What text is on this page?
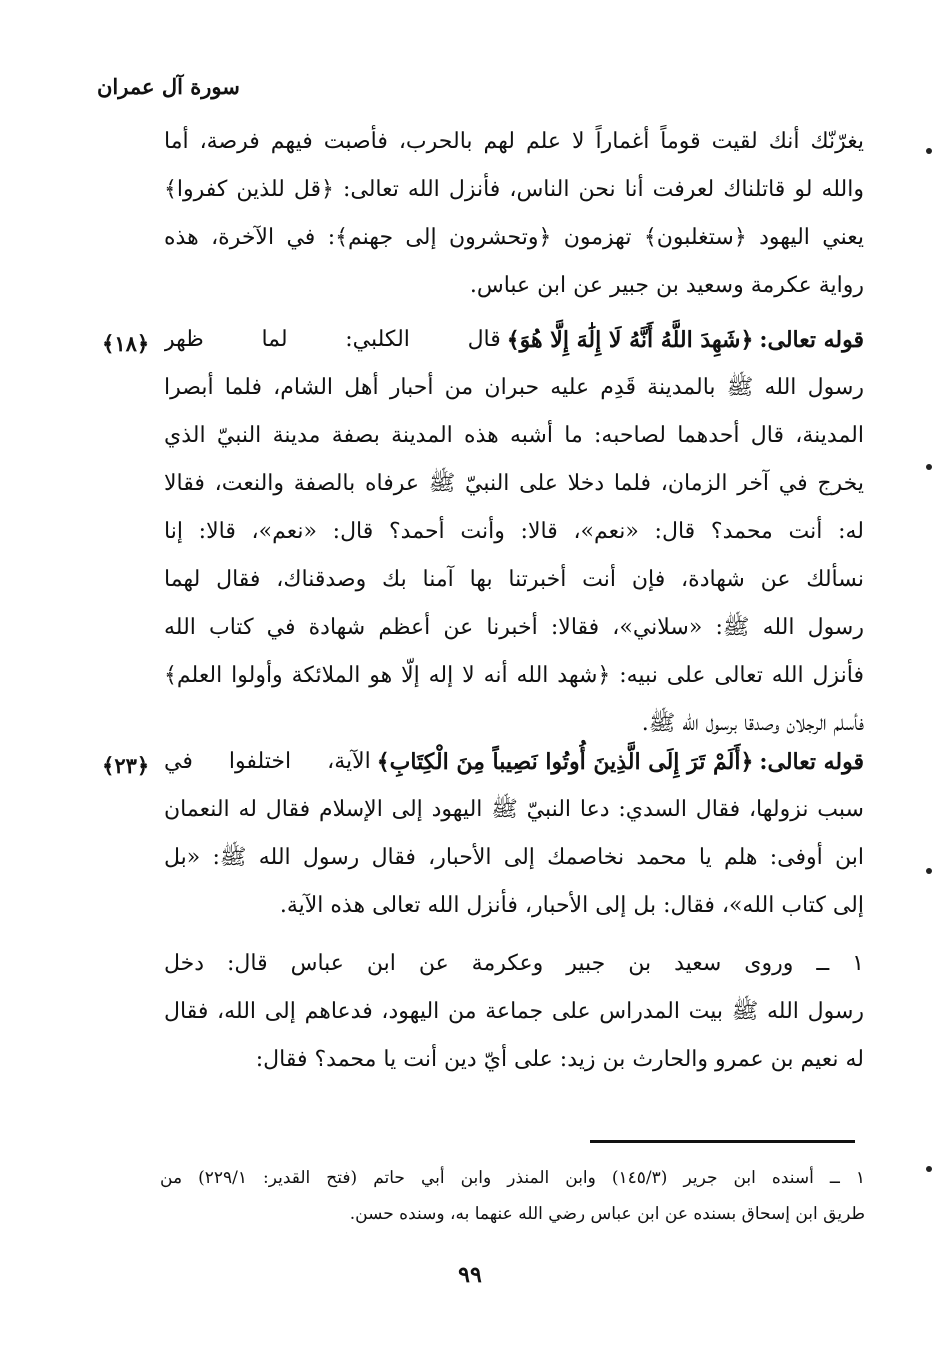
سورة آل عمران
يغرّنّك أنك لقيت قوماً أغماراً لا علم لهم بالحرب، فأصبت فيهم فرصة، أما
والله لو قاتلناك لعرفت أنا نحن الناس، فأنزل الله تعالى: ﴿قل للذين كفروا﴾
يعني اليهود ﴿ستغلبون﴾ تهزمون ﴿وتحشرون إلى جهنم﴾: في الآخرة، هذه
رواية عكرمة وسعيد بن جبير عن ابن عباس.
﴿١٨﴾	قوله تعالى:
﴿شَهِدَ اللَّهُ أَنَّهُ لَا إِلَٰهَ إِلَّا هُوَ﴾
قال الكلبي: لما ظهر
رسول الله ﷺ بالمدينة قَدِم عليه حبران من أحبار أهل الشام، فلما أبصرا
المدينة، قال أحدهما لصاحبه: ما أشبه هذه المدينة بصفة مدينة النبيّ الذي
يخرج في آخر الزمان، فلما دخلا على النبيّ ﷺ عرفاه بالصفة والنعت، فقالا
له: أنت محمد؟ قال: «نعم»، قالا: وأنت أحمد؟ قال: «نعم»، قالا: إنا
نسألك عن شهادة، فإن أنت أخبرتنا بها آمنا بك وصدقناك، فقال لهما
رسول الله ﷺ: «سلاني»، فقالا: أخبرنا عن أعظم شهادة في كتاب الله
فأنزل الله تعالى على نبيه: ﴿شهد الله أنه لا إله إلّا هو الملائكة وأولوا العلم﴾
فأسلم الرجلان وصدقا برسول الله ﷺ.
﴿٢٣﴾	قوله تعالى:
﴿أَلَمْ تَرَ إِلَى الَّذِينَ أُوتُوا نَصِيباً مِنَ الْكِتَابِ﴾
الآية، اختلفوا في
سبب نزولها، فقال السدي: دعا النبيّ ﷺ اليهود إلى الإسلام فقال له النعمان
ابن أوفى: هلم يا محمد نخاصمك إلى الأحبار، فقال رسول الله ﷺ: «بل
إلى كتاب الله»، فقال: بل إلى الأحبار، فأنزل الله تعالى هذه الآية.
١ ــ وروى سعيد بن جبير وعكرمة عن ابن عباس قال: دخل
رسول الله ﷺ بيت المدراس على جماعة من اليهود، فدعاهم إلى الله، فقال
له نعيم بن عمرو والحارث بن زيد: على أيّ دين أنت يا محمد؟ فقال:
١ ــ أسنده ابن جرير (١٤٥/٣) وابن المنذر وابن أبي حاتم (فتح القدير: ٢٢٩/١) من
طريق ابن إسحاق بسنده عن ابن عباس رضي الله عنهما به، وسنده حسن.
٩٩
